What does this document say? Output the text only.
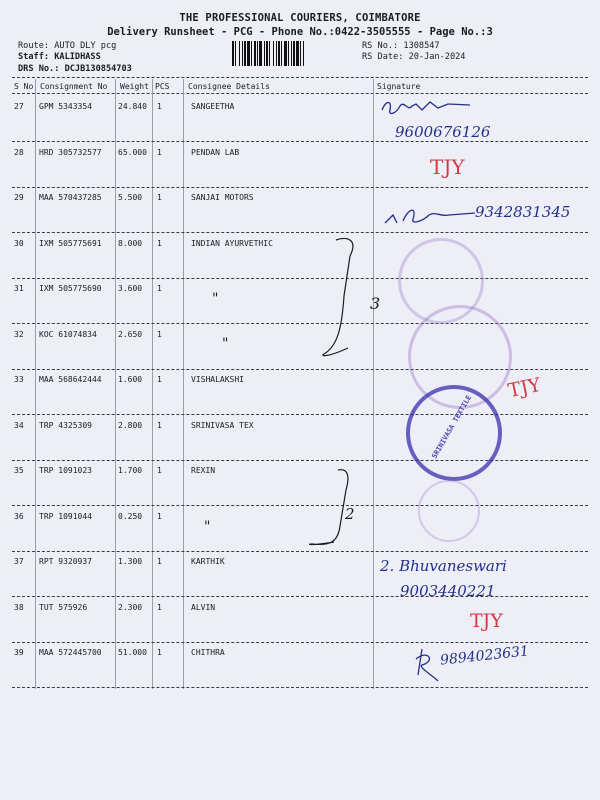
THE PROFESSIONAL COURIERS, COIMBATORE
Delivery Runsheet - PCG - Phone No.:0422-3505555 - Page No.:3
Route: AUTO DLY pcg
Staff: KALIDHASS
DRS No.: DCJB130854703
RS No.: 1308547
RS Date: 20-Jan-2024
S No Consignment No Weight PCS Consignee Details	Signature
27 GPM 5343354	24.840 1	SANGEETHA
28 HRD 305732577 65.000 1	PENDAN LAB
29 MAA 570437285 5.500 1	SANJAI MOTORS
30 IXM 505775691 8.000 1	INDIAN AYURVETHIC
31 IXM 505775690 3.600 1
32 KOC 61074834	2.650 1
33 MAA 568642444 1.600 1	VISHALAKSHI
34 TRP 4325309	2.800 1	SRINIVASA TEX
35 TRP 1091023	1.700 1	REXIN
36 TRP 1091044	0.250 1
37 RPT 9320937	1.300 1	KARTHIK
38 TUT 575926	2.300 1	ALVIN
39 MAA 572445700 51.000 1	CHITHRA
9600676126
TJY
9342831345
SRINIVASA TEXTILE
3
2
"
"
"
TJY
2. Bhuvaneswari
9003440221
TJY
9894023631
